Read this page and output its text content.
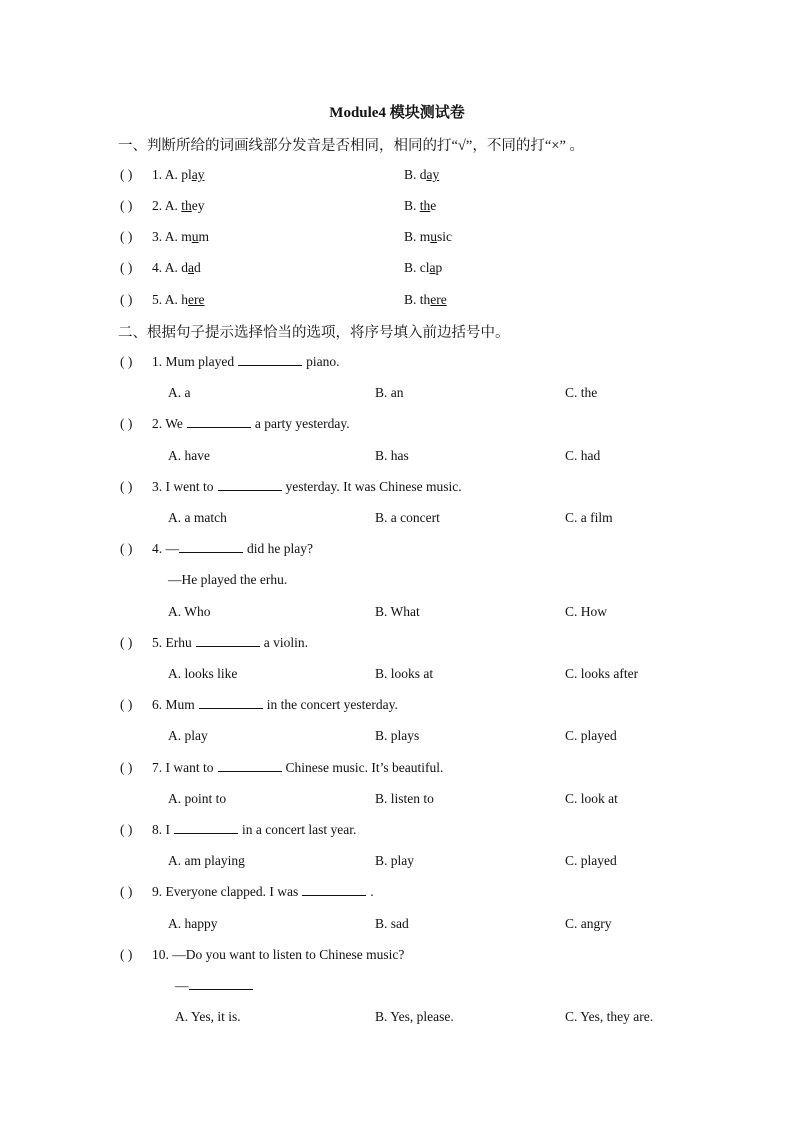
Module4 模块测试卷
一、判断所给的词画线部分发音是否相同，相同的打“√”，不同的打“×” 。
( ) 1. A. play	B. day
( ) 2. A. they	B. the
( ) 3. A. mum	B. music
( ) 4. A. dad	B. clap
( ) 5. A. here	B. there
二、根据句子提示选择恰当的选项，将序号填入前边括号中。
( ) 1. Mum played	piano.
A. a	B. an	C. the
( ) 2. We	a party yesterday.
A. have	B. has	C. had
( ) 3. I went to	yesterday. It was Chinese music.
A. a match	B. a concert	C. a film
( ) 4. —	did he play?
—He played the erhu.
A. Who	B. What	C. How
( ) 5. Erhu	a violin.
A. looks like	B. looks at	C. looks after
( ) 6. Mum	in the concert yesterday.
A. play	B. plays	C. played
( ) 7. I want to	Chinese music. It’s beautiful.
A. point to	B. listen to	C. look at
( ) 8. I	in a concert last year.
A. am playing	B. play	C. played
( ) 9. Everyone clapped. I was	.
A. happy	B. sad	C. angry
( ) 10. —Do you want to listen to Chinese music?
—
A. Yes, it is.	B. Yes, please.	C. Yes, they are.
